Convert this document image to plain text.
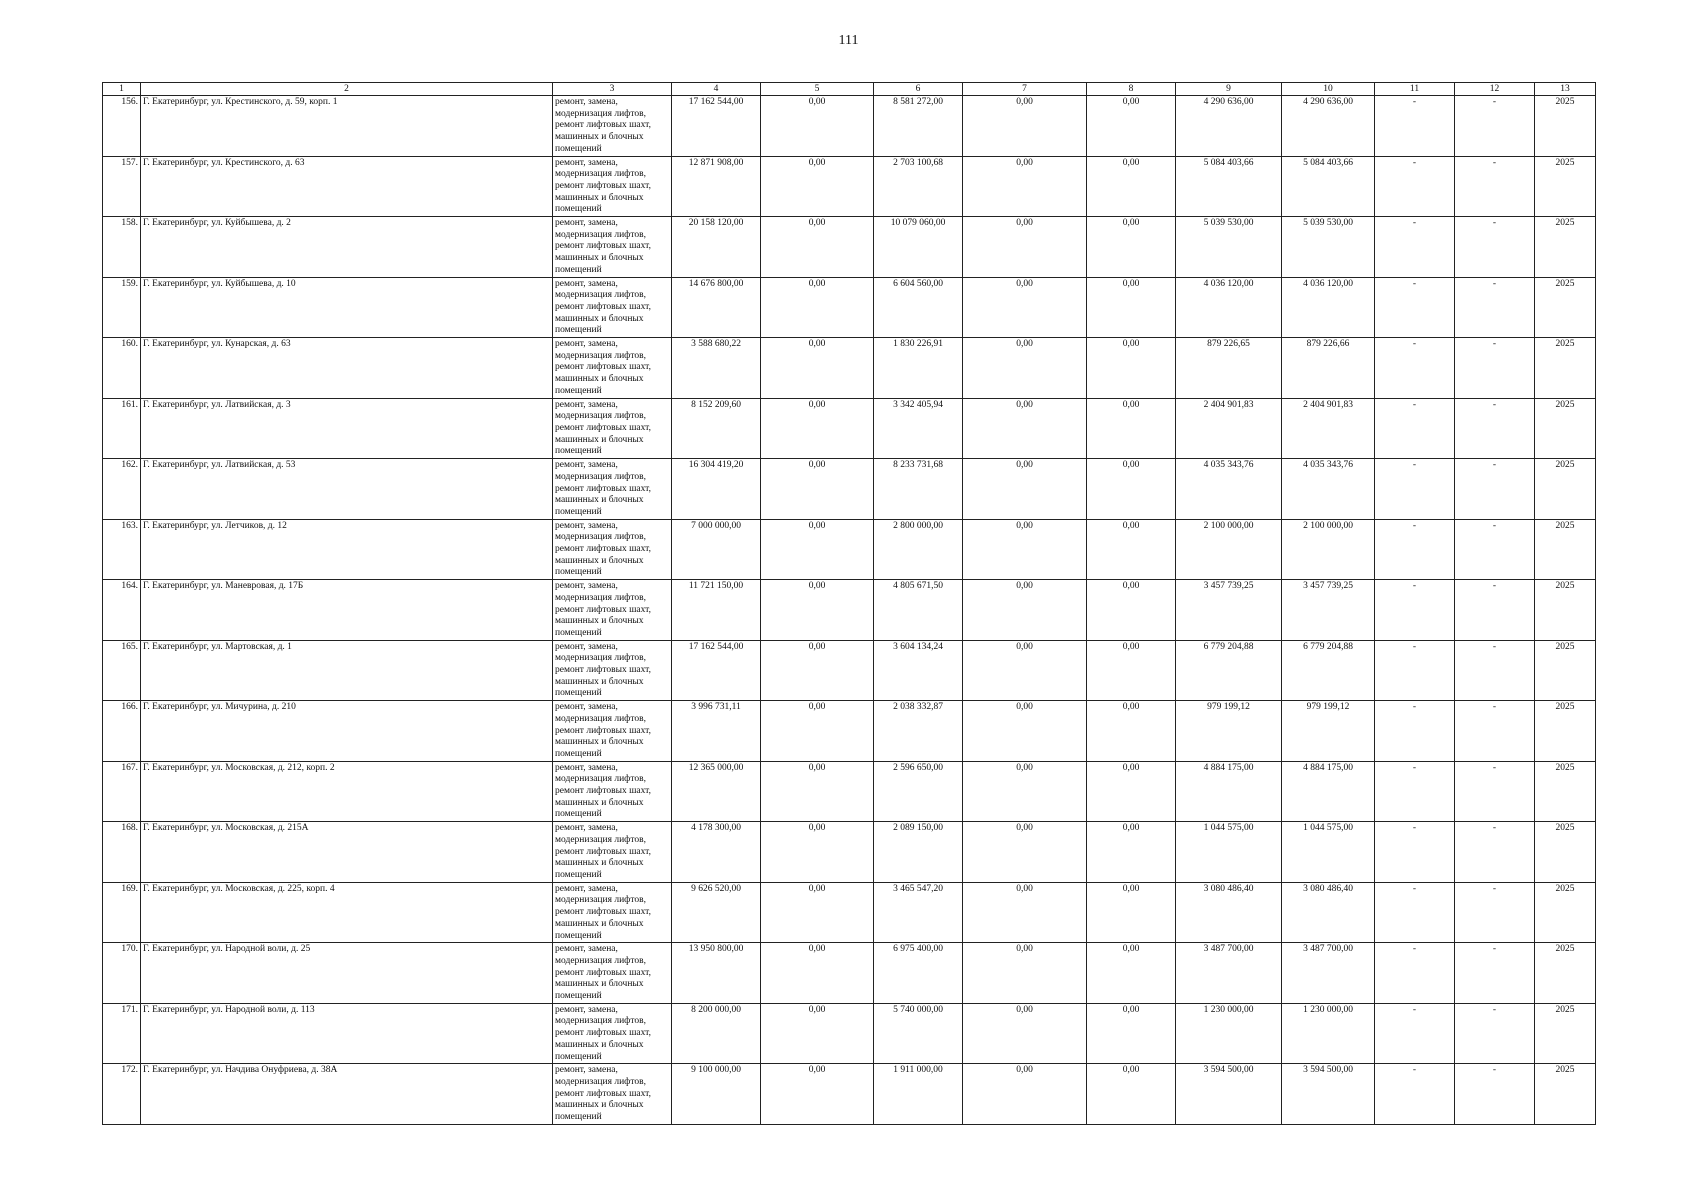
111
1	2	3	4	5	6	7	8	9	10	11	12	13
156.	Г. Екатеринбург, ул. Крестинского, д. 59, корп. 1	ремонт, замена,
модернизация лифтов,
ремонт лифтовых шахт,
машинных и блочных
помещений	17 162 544,00	0,00	8 581 272,00	0,00	0,00	4 290 636,00	4 290 636,00	-	-	2025
157.	Г. Екатеринбург, ул. Крестинского, д. 63	ремонт, замена,
модернизация лифтов,
ремонт лифтовых шахт,
машинных и блочных
помещений	12 871 908,00	0,00	2 703 100,68	0,00	0,00	5 084 403,66	5 084 403,66	-	-	2025
158.	Г. Екатеринбург, ул. Куйбышева, д. 2	ремонт, замена,
модернизация лифтов,
ремонт лифтовых шахт,
машинных и блочных
помещений	20 158 120,00	0,00	10 079 060,00	0,00	0,00	5 039 530,00	5 039 530,00	-	-	2025
159.	Г. Екатеринбург, ул. Куйбышева, д. 10	ремонт, замена,
модернизация лифтов,
ремонт лифтовых шахт,
машинных и блочных
помещений	14 676 800,00	0,00	6 604 560,00	0,00	0,00	4 036 120,00	4 036 120,00	-	-	2025
160.	Г. Екатеринбург, ул. Кунарская, д. 63	ремонт, замена,
модернизация лифтов,
ремонт лифтовых шахт,
машинных и блочных
помещений	3 588 680,22	0,00	1 830 226,91	0,00	0,00	879 226,65	879 226,66	-	-	2025
161.	Г. Екатеринбург, ул. Латвийская, д. 3	ремонт, замена,
модернизация лифтов,
ремонт лифтовых шахт,
машинных и блочных
помещений	8 152 209,60	0,00	3 342 405,94	0,00	0,00	2 404 901,83	2 404 901,83	-	-	2025
162.	Г. Екатеринбург, ул. Латвийская, д. 53	ремонт, замена,
модернизация лифтов,
ремонт лифтовых шахт,
машинных и блочных
помещений	16 304 419,20	0,00	8 233 731,68	0,00	0,00	4 035 343,76	4 035 343,76	-	-	2025
163.	Г. Екатеринбург, ул. Летчиков, д. 12	ремонт, замена,
модернизация лифтов,
ремонт лифтовых шахт,
машинных и блочных
помещений	7 000 000,00	0,00	2 800 000,00	0,00	0,00	2 100 000,00	2 100 000,00	-	-	2025
164.	Г. Екатеринбург, ул. Маневровая, д. 17Б	ремонт, замена,
модернизация лифтов,
ремонт лифтовых шахт,
машинных и блочных
помещений	11 721 150,00	0,00	4 805 671,50	0,00	0,00	3 457 739,25	3 457 739,25	-	-	2025
165.	Г. Екатеринбург, ул. Мартовская, д. 1	ремонт, замена,
модернизация лифтов,
ремонт лифтовых шахт,
машинных и блочных
помещений	17 162 544,00	0,00	3 604 134,24	0,00	0,00	6 779 204,88	6 779 204,88	-	-	2025
166.	Г. Екатеринбург, ул. Мичурина, д. 210	ремонт, замена,
модернизация лифтов,
ремонт лифтовых шахт,
машинных и блочных
помещений	3 996 731,11	0,00	2 038 332,87	0,00	0,00	979 199,12	979 199,12	-	-	2025
167.	Г. Екатеринбург, ул. Московская, д. 212, корп. 2	ремонт, замена,
модернизация лифтов,
ремонт лифтовых шахт,
машинных и блочных
помещений	12 365 000,00	0,00	2 596 650,00	0,00	0,00	4 884 175,00	4 884 175,00	-	-	2025
168.	Г. Екатеринбург, ул. Московская, д. 215А	ремонт, замена,
модернизация лифтов,
ремонт лифтовых шахт,
машинных и блочных
помещений	4 178 300,00	0,00	2 089 150,00	0,00	0,00	1 044 575,00	1 044 575,00	-	-	2025
169.	Г. Екатеринбург, ул. Московская, д. 225, корп. 4	ремонт, замена,
модернизация лифтов,
ремонт лифтовых шахт,
машинных и блочных
помещений	9 626 520,00	0,00	3 465 547,20	0,00	0,00	3 080 486,40	3 080 486,40	-	-	2025
170.	Г. Екатеринбург, ул. Народной воли, д. 25	ремонт, замена,
модернизация лифтов,
ремонт лифтовых шахт,
машинных и блочных
помещений	13 950 800,00	0,00	6 975 400,00	0,00	0,00	3 487 700,00	3 487 700,00	-	-	2025
171.	Г. Екатеринбург, ул. Народной воли, д. 113	ремонт, замена,
модернизация лифтов,
ремонт лифтовых шахт,
машинных и блочных
помещений	8 200 000,00	0,00	5 740 000,00	0,00	0,00	1 230 000,00	1 230 000,00	-	-	2025
172.	Г. Екатеринбург, ул. Начдива Онуфриева, д. 38А	ремонт, замена,
модернизация лифтов,
ремонт лифтовых шахт,
машинных и блочных
помещений	9 100 000,00	0,00	1 911 000,00	0,00	0,00	3 594 500,00	3 594 500,00	-	-	2025
